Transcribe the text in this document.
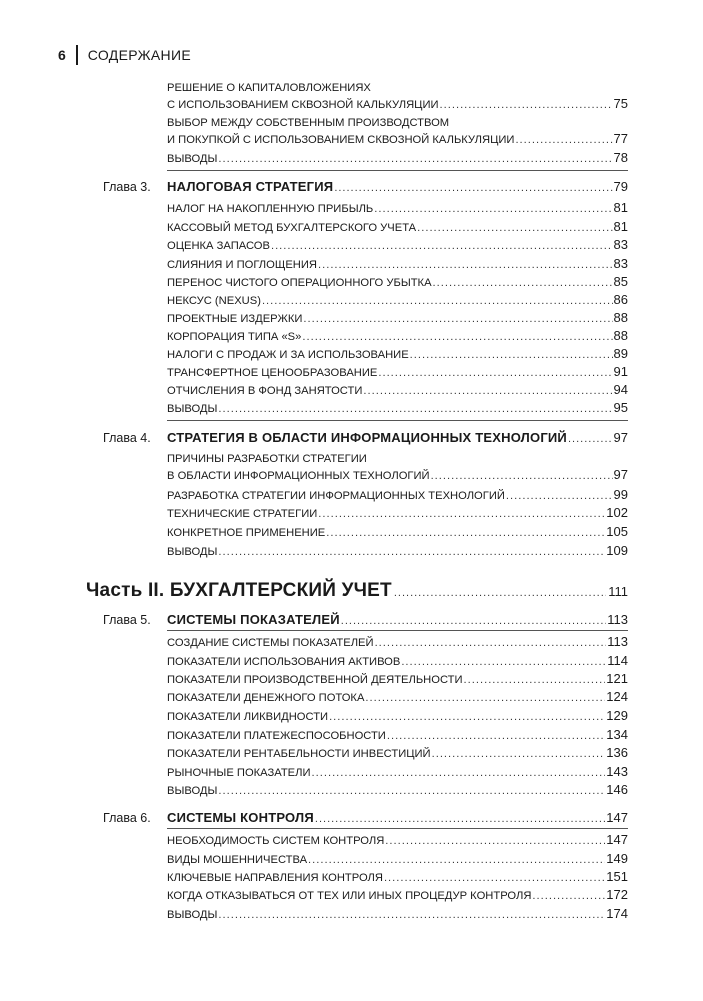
6 СОДЕРЖАНИЕ
РЕШЕНИЕ О КАПИТАЛОВЛОЖЕНИЯХ
С ИСПОЛЬЗОВАНИЕМ СКВОЗНОЙ КАЛЬКУЛЯЦИИ .....	75
ВЫБОР МЕЖДУ СОБСТВЕННЫМ ПРОИЗВОДСТВОМ
И ПОКУПКОЙ С ИСПОЛЬЗОВАНИЕМ СКВОЗНОЙ КАЛЬКУЛЯЦИИ .....	77
ВЫВОДЫ .....	78
Глава 3.	НАЛОГОВАЯ СТРАТЕГИЯ .....	79
НАЛОГ НА НАКОПЛЕННУЮ ПРИБЫЛЬ .....	81
КАССОВЫЙ МЕТОД БУХГАЛТЕРСКОГО УЧЕТА .....	81
ОЦЕНКА ЗАПАСОВ .....	83
СЛИЯНИЯ И ПОГЛОЩЕНИЯ .....	83
ПЕРЕНОС ЧИСТОГО ОПЕРАЦИОННОГО УБЫТКА .....	85
НЕКСУС (NEXUS) .....	86
ПРОЕКТНЫЕ ИЗДЕРЖКИ .....	88
КОРПОРАЦИЯ ТИПА «S» .....	88
НАЛОГИ С ПРОДАЖ И ЗА ИСПОЛЬЗОВАНИЕ .....	89
ТРАНСФЕРТНОЕ ЦЕНООБРАЗОВАНИЕ .....	91
ОТЧИСЛЕНИЯ В ФОНД ЗАНЯТОСТИ .....	94
ВЫВОДЫ .....	95
Глава 4.	СТРАТЕГИЯ В ОБЛАСТИ ИНФОРМАЦИОННЫХ ТЕХНОЛОГИЙ .....	97
ПРИЧИНЫ РАЗРАБОТКИ СТРАТЕГИИ
В ОБЛАСТИ ИНФОРМАЦИОННЫХ ТЕХНОЛОГИЙ .....	97
РАЗРАБОТКА СТРАТЕГИИ ИНФОРМАЦИОННЫХ ТЕХНОЛОГИЙ .....	99
ТЕХНИЧЕСКИЕ СТРАТЕГИИ .....	102
КОНКРЕТНОЕ ПРИМЕНЕНИЕ .....	105
ВЫВОДЫ .....	109
Часть II. БУХГАЛТЕРСКИЙ УЧЕТ .....	111
Глава 5.	СИСТЕМЫ ПОКАЗАТЕЛЕЙ .....	113
СОЗДАНИЕ СИСТЕМЫ ПОКАЗАТЕЛЕЙ .....	113
ПОКАЗАТЕЛИ ИСПОЛЬЗОВАНИЯ АКТИВОВ .....	114
ПОКАЗАТЕЛИ ПРОИЗВОДСТВЕННОЙ ДЕЯТЕЛЬНОСТИ .....	121
ПОКАЗАТЕЛИ ДЕНЕЖНОГО ПОТОКА .....	124
ПОКАЗАТЕЛИ ЛИКВИДНОСТИ .....	129
ПОКАЗАТЕЛИ ПЛАТЕЖЕСПОСОБНОСТИ .....	134
ПОКАЗАТЕЛИ РЕНТАБЕЛЬНОСТИ ИНВЕСТИЦИЙ .....	136
РЫНОЧНЫЕ ПОКАЗАТЕЛИ .....	143
ВЫВОДЫ .....	146
Глава 6.	СИСТЕМЫ КОНТРОЛЯ .....	147
НЕОБХОДИМОСТЬ СИСТЕМ КОНТРОЛЯ .....	147
ВИДЫ МОШЕННИЧЕСТВА .....	149
КЛЮЧЕВЫЕ НАПРАВЛЕНИЯ КОНТРОЛЯ .....	151
КОГДА ОТКАЗЫВАТЬСЯ ОТ ТЕХ ИЛИ ИНЫХ ПРОЦЕДУР КОНТРОЛЯ .....	172
ВЫВОДЫ .....	174
